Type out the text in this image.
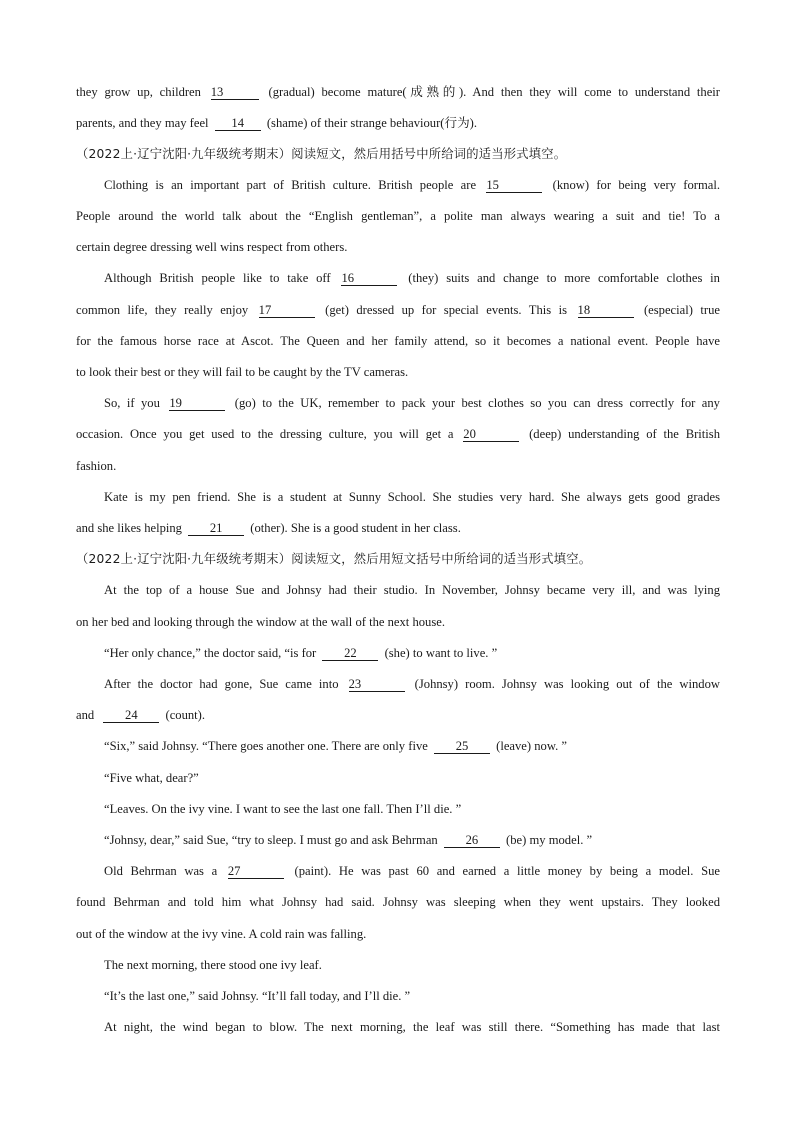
they grow up, children 13	(gradual) become mature(成熟的). And then they will come to understand their
parents, and they may feel 14 (shame) of their strange behaviour(行为).
（2022上·辽宁沈阳·九年级统考期末）阅读短文，然后用括号中所给词的适当形式填空。
Clothing is an important part of British culture. British people are 15	(know) for being very formal.
People around the world talk about the “English gentleman”, a polite man always wearing a suit and tie! To a
certain degree dressing well wins respect from others.
Although British people like to take off 16	(they) suits and change to more comfortable clothes in
common life, they really enjoy 17	(get) dressed up for special events. This is 18	(especial) true
for the famous horse race at Ascot. The Queen and her family attend, so it becomes a national event. People have
to look their best or they will fail to be caught by the TV cameras.
So, if you 19	(go) to the UK, remember to pack your best clothes so you can dress correctly for any
occasion. Once you get used to the dressing culture, you will get a 20	(deep) understanding of the British
fashion.
Kate is my pen friend. She is a student at Sunny School. She studies very hard. She always gets good grades
and she likes helping 21 (other). She is a good student in her class.
（2022上·辽宁沈阳·九年级统考期末）阅读短文，然后用短文括号中所给词的适当形式填空。
At the top of a house Sue and Johnsy had their studio. In November, Johnsy became very ill, and was lying
on her bed and looking through the window at the wall of the next house.
“Her only chance,” the doctor said, “is for 22 (she) to want to live. ”
After the doctor had gone, Sue came into 23	(Johnsy) room. Johnsy was looking out of the window
and 24 (count).
“Six,” said Johnsy. “There goes another one. There are only five 25 (leave) now. ”
“Five what, dear?”
“Leaves. On the ivy vine. I want to see the last one fall. Then I’ll die. ”
“Johnsy, dear,” said Sue, “try to sleep. I must go and ask Behrman 26 (be) my model. ”
Old Behrman was a 27	(paint). He was past 60 and earned a little money by being a model. Sue
found Behrman and told him what Johnsy had said. Johnsy was sleeping when they went upstairs. They looked
out of the window at the ivy vine. A cold rain was falling.
The next morning, there stood one ivy leaf.
“It’s the last one,” said Johnsy. “It’ll fall today, and I’ll die. ”
At night, the wind began to blow. The next morning, the leaf was still there. “Something has made that last
